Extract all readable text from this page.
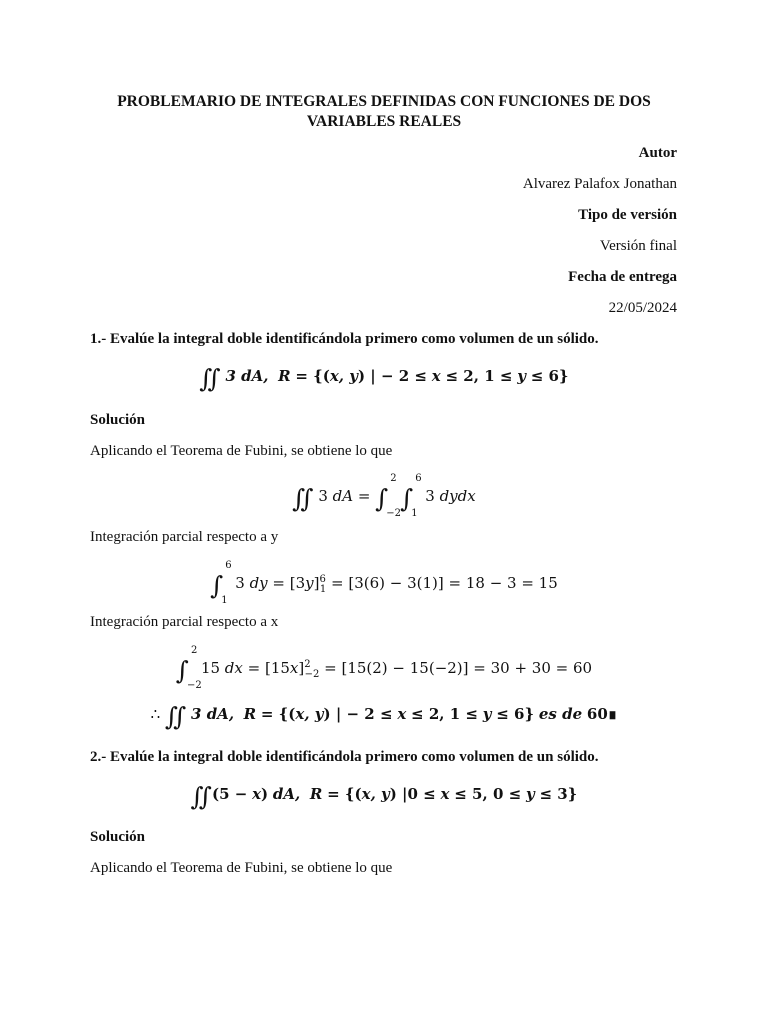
PROBLEMARIO DE INTEGRALES DEFINIDAS CON FUNCIONES DE DOS VARIABLES REALES
Autor
Alvarez Palafox Jonathan
Tipo de versión
Versión final
Fecha de entrega
22/05/2024
1.- Evalúe la integral doble identificándola primero como volumen de un sólido.
∬ 3 dA, R = {(x, y) | − 2 ≤ x ≤ 2, 1 ≤ y ≤ 6}
Solución
Aplicando el Teorema de Fubini, se obtiene lo que
∬ 3 dA = ∫
2
−2
∫
6
1
3 dydx
Integración parcial respecto a y
∫
6
1
3 dy = $[3y]^6_1 = [3(6) - 3(1)] = 18 - 3 = 15$
Integración parcial respecto a x
∫
2
−2
15 dx = $[15x]^2_{-2} = [15(2) - 15(-2)] = 30 + 30 = 60$
∴ ∬ 3 dA, R = {(x, y) | − 2 ≤ x ≤ 2, 1 ≤ y ≤ 6} es de 60∎
2.- Evalúe la integral doble identificándola primero como volumen de un sólido.
∬(5 − x) dA, R = {(x, y) |0 ≤ x ≤ 5, 0 ≤ y ≤ 3}
Solución
Aplicando el Teorema de Fubini, se obtiene lo que
